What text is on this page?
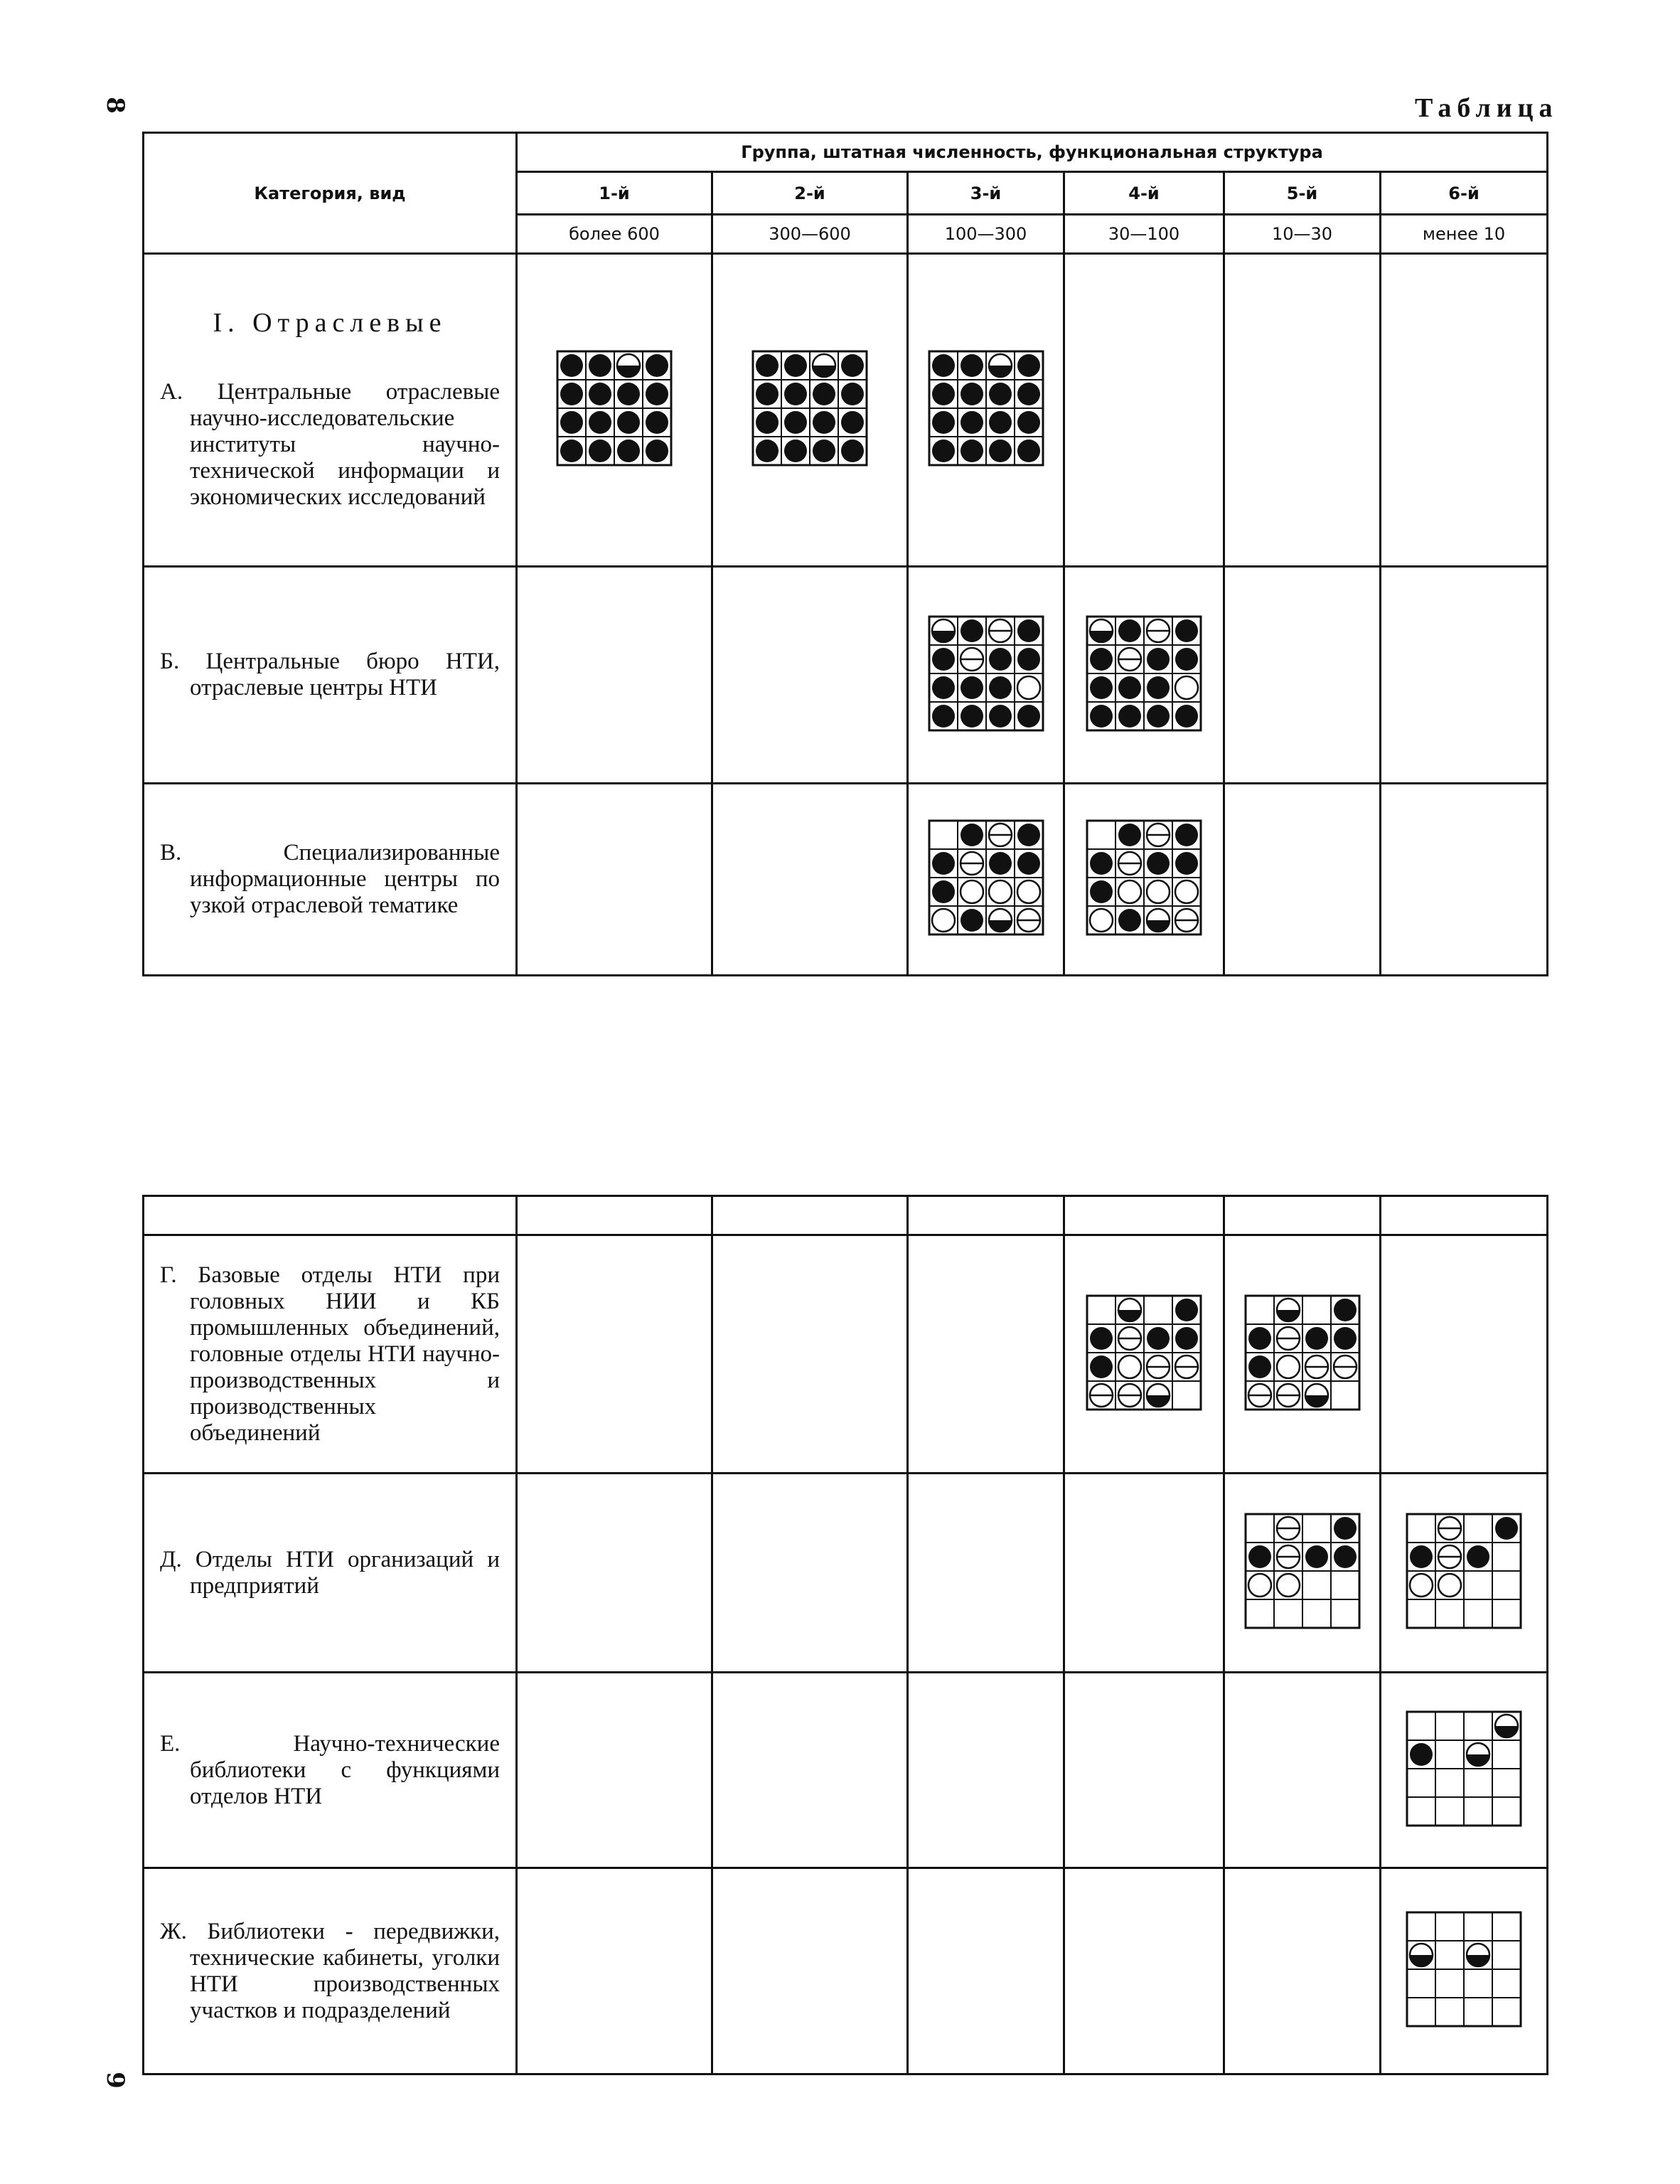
8
9
Таблица
Категория, вид	Группа, штатная численность, функциональная структура					
	1-й	2-й	3-й	4-й	5-й	6-й
	более 600	300—600	100—300	30—100	10—30	менее 10

I. Отраслевые
А. Центральные отраслевые научно-исследовательские институты научно-технической информации и экономических исследований

Б. Центральные бюро НТИ, отраслевые центры НТИ

В. Специализированные информационные центры по узкой отраслевой тематике

Г. Базовые отделы НТИ при головных НИИ и КБ промышленных объединений, головные отделы НТИ научно-производственных и производственных объединений

Д. Отделы НТИ организаций и предприятий

Е. Научно-технические библиотеки с функциями отделов НТИ

Ж. Библиотеки - передвижки, технические кабинеты, уголки НТИ производственных участков и подразделений
